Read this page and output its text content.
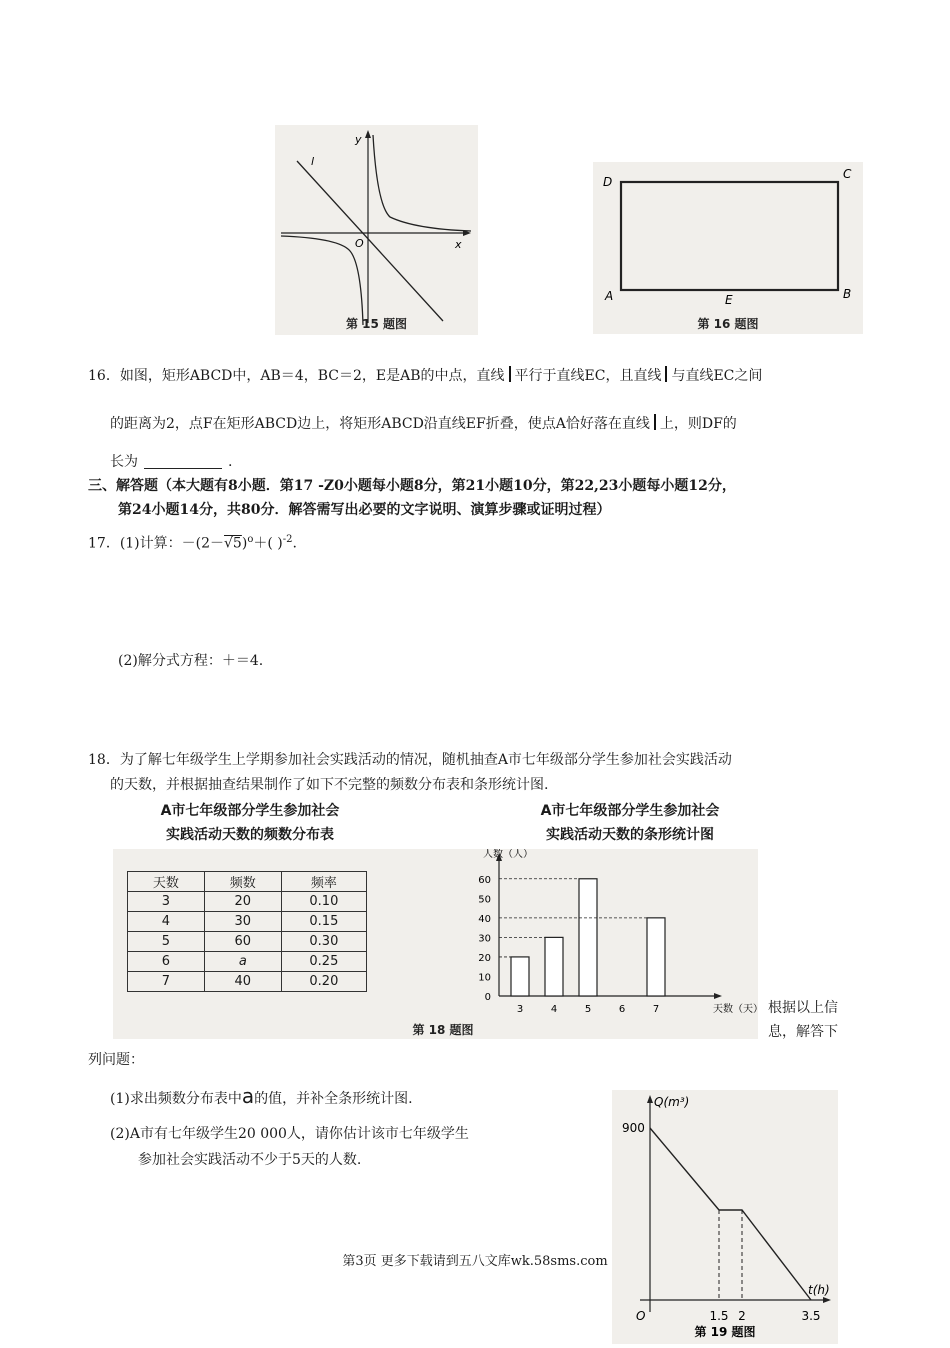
x
y
O
l
第 15 题图
D
C
A	B
E
第 16 题图
16．如图，矩形ABCD中，AB＝4，BC＝2，E是AB的中点，直线 平行于直线EC，且直线 与直线EC之间
的距离为2，点F在矩形ABCD边上，将矩形ABCD沿直线EF折叠，使点A恰好落在直线 上，则DF的
长为	.
三、解答题（本大题有8小题．第17 -Z0小题每小题8分，第21小题10分，第22,23小题每小题12分，
第24小题14分，共80分．解答需写出必要的文字说明、演算步骤或证明过程）
17．(1)计算：$-(2-√5)^o+$( )$^{-2}$.
(2)解分式方程：＋＝4.
18．为了解七年级学生上学期参加社会实践活动的情况，随机抽查A市七年级部分学生参加社会实践活动
的天数，并根据抽查结果制作了如下不完整的频数分布表和条形统计图.
A市七年级部分学生参加社会
实践活动天数的频数分布表
A市七年级部分学生参加社会
实践活动天数的条形统计图
天数	频数	频率
3	20	0.10
4	30	0.15
5	60	0.30
6	a	0.25
7	40	0.20
人数（人）
天数（天）
0
10
20
30
40
50
60
3	4	5	6	7
第 18 题图
根据以上信
息，解答下
列问题：
(1)求出频数分布表中a的值，并补全条形统计图.
(2)A市有七年级学生20 000人，请你估计该市七年级学生
参加社会实践活动不少于5天的人数.
Q(m³)
t(h)
900
O	1.5 2	3.5
第 19 题图
第3页 更多下载请到五八文库wk.58sms.com
